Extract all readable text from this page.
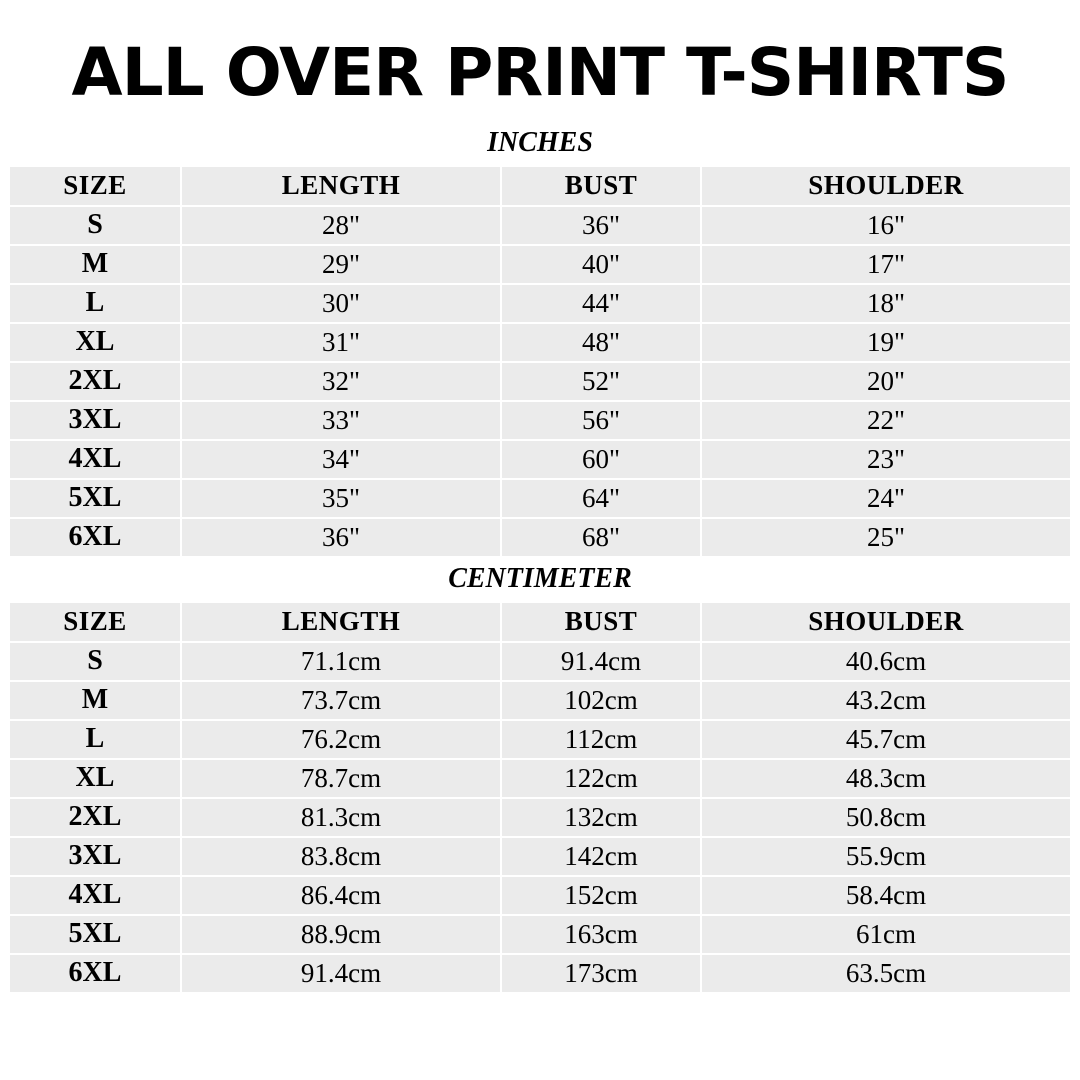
ALL OVER PRINT T-SHIRTS
INCHES
SIZE	LENGTH	BUST	SHOULDER
S	28"	36"	16"
M	29"	40"	17"
L	30"	44"	18"
XL	31"	48"	19"
2XL	32"	52"	20"
3XL	33"	56"	22"
4XL	34"	60"	23"
5XL	35"	64"	24"
6XL	36"	68"	25"
CENTIMETER
SIZE	LENGTH	BUST	SHOULDER
S	71.1cm	91.4cm	40.6cm
M	73.7cm	102cm	43.2cm
L	76.2cm	112cm	45.7cm
XL	78.7cm	122cm	48.3cm
2XL	81.3cm	132cm	50.8cm
3XL	83.8cm	142cm	55.9cm
4XL	86.4cm	152cm	58.4cm
5XL	88.9cm	163cm	61cm
6XL	91.4cm	173cm	63.5cm
